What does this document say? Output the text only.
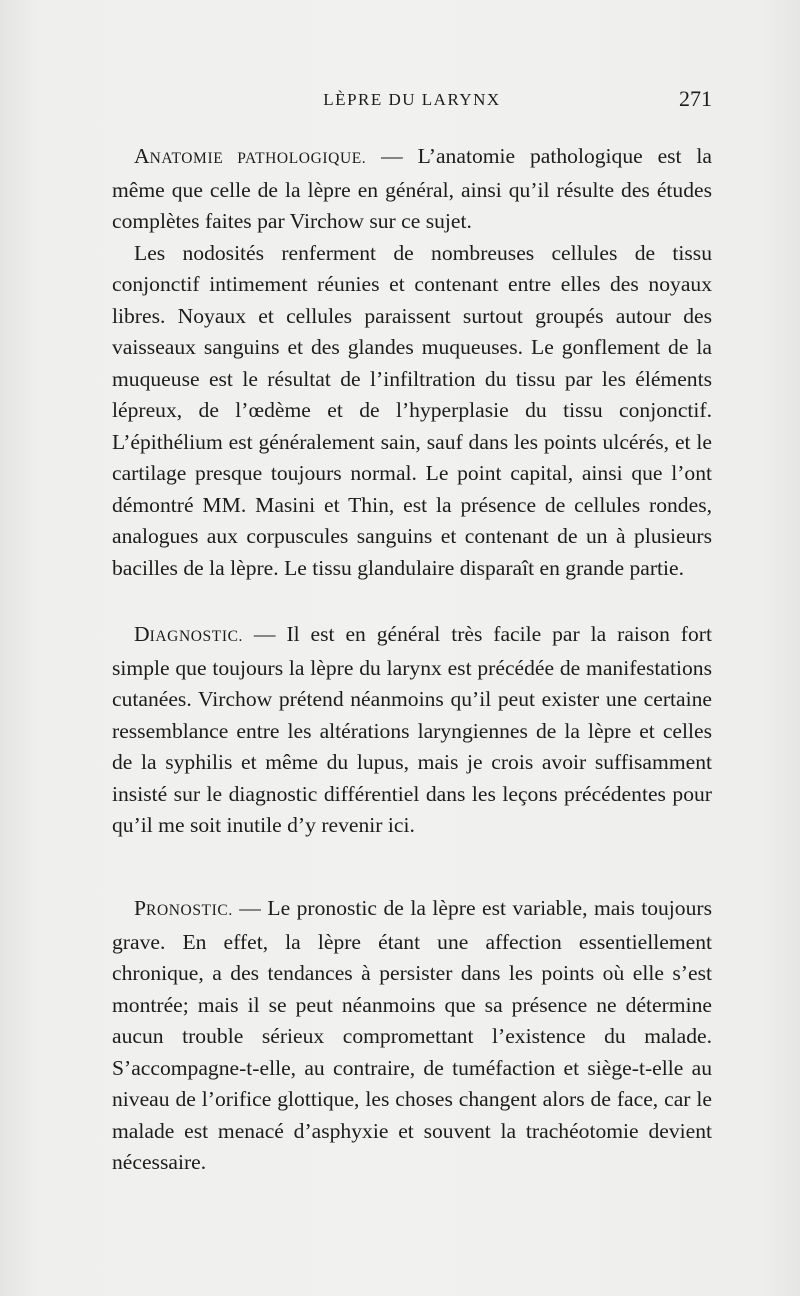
LÈPRE DU LARYNX	271

ANATOMIE PATHOLOGIQUE. — L’anatomie pathologique est la même que celle de la lèpre en général, ainsi qu’il résulte des études complètes faites par Virchow sur ce sujet.

Les nodosités renferment de nombreuses cellules de tissu conjonctif intimement réunies et contenant entre elles des noyaux libres. Noyaux et cellules paraissent surtout groupés autour des vaisseaux sanguins et des glandes muqueuses. Le gonflement de la muqueuse est le résultat de l’infiltration du tissu par les éléments lépreux, de l’œdème et de l’hyperplasie du tissu conjonctif. L’épithélium est généralement sain, sauf dans les points ulcérés, et le cartilage presque toujours normal. Le point capital, ainsi que l’ont démontré MM. Masini et Thin, est la présence de cellules rondes, analogues aux corpuscules sanguins et contenant de un à plusieurs bacilles de la lèpre. Le tissu glandulaire disparaît en grande partie.

DIAGNOSTIC. — Il est en général très facile par la raison fort simple que toujours la lèpre du larynx est précédée de manifestations cutanées. Virchow prétend néanmoins qu’il peut exister une certaine ressemblance entre les altérations laryngiennes de la lèpre et celles de la syphilis et même du lupus, mais je crois avoir suffisamment insisté sur le diagnostic différentiel dans les leçons précédentes pour qu’il me soit inutile d’y revenir ici.

PRONOSTIC. — Le pronostic de la lèpre est variable, mais toujours grave. En effet, la lèpre étant une affection essentiellement chronique, a des tendances à persister dans les points où elle s’est montrée; mais il se peut néanmoins que sa présence ne détermine aucun trouble sérieux compromettant l’existence du malade. S’accompagne-t-elle, au contraire, de tuméfaction et siège-t-elle au niveau de l’orifice glottique, les choses changent alors de face, car le malade est menacé d’asphyxie et souvent la trachéotomie devient nécessaire.
